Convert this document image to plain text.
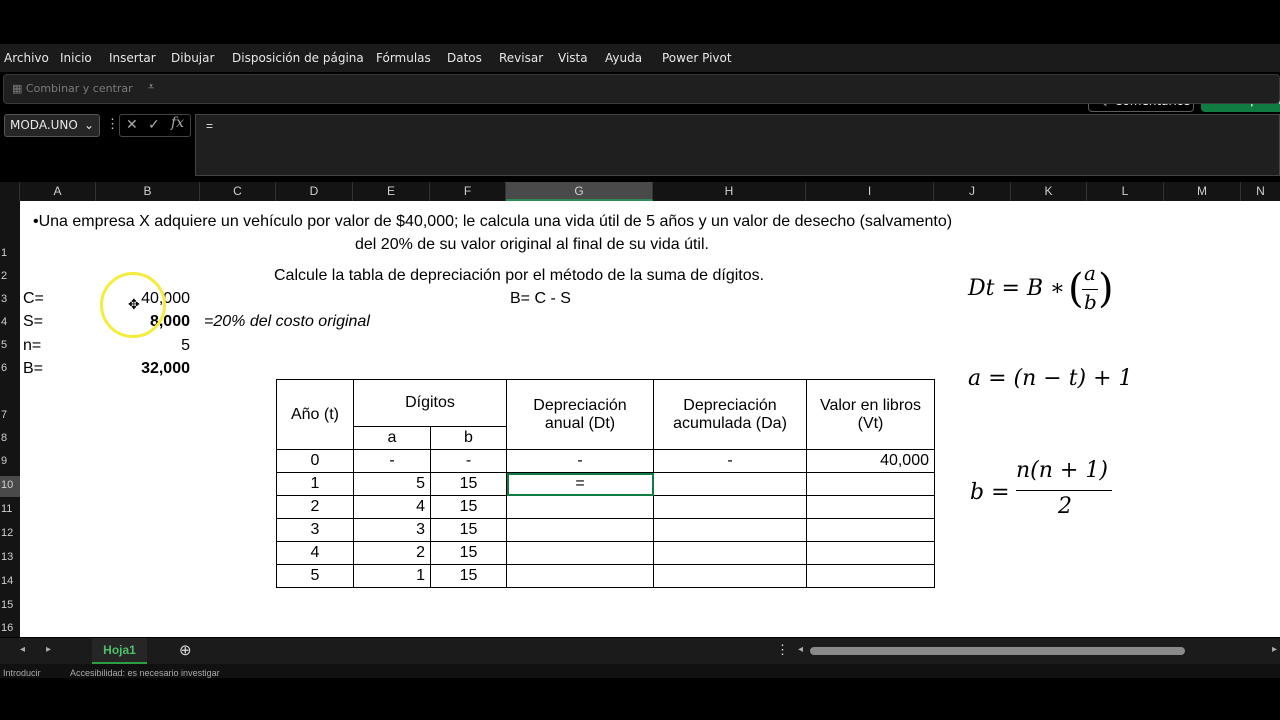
Archivo Inicio Insertar Dibujar Disposición de página Fórmulas Datos Revisar Vista Ayuda Power Pivot
▦ Combinar y centrar ⩡
MODA.UNO ⌄ ⋮ ✕ ✓ fx	=
A	B	C	D	E	F	G	H	I	J	K	L	M	N
1
2
3
4
5
6
7
8
9
10
11
12
13
14
15
16
•Una empresa X adquiere un vehículo por valor de $40,000; le calcula una vida útil de 5 años y un valor de desecho (salvamento)
del 20% de su valor original al final de su vida útil.
Calcule la tabla de depreciación por el método de la suma de dígitos.
B= C - S
C=	40,000
S=	8,000 =20% del costo original
n=	5
B=	32,000
✥
Año (t)	Dígitos		Depreciación anual (Dt)	Depreciación acumulada (Da)	Valor en libros (Vt)
	a	b			
0	-	-	-	-	40,000
1	5	15	=		
2	4	15			
3	3	15			
4	2	15			
5	1	15			
Dt = B ∗ ( a
b )
a = (n − t) + 1
b =
n(n + 1)
2
◂ ▸	Hoja1	⊕	⋮ ◂	▸
Introducir	Accesibilidad: es necesario investigar
